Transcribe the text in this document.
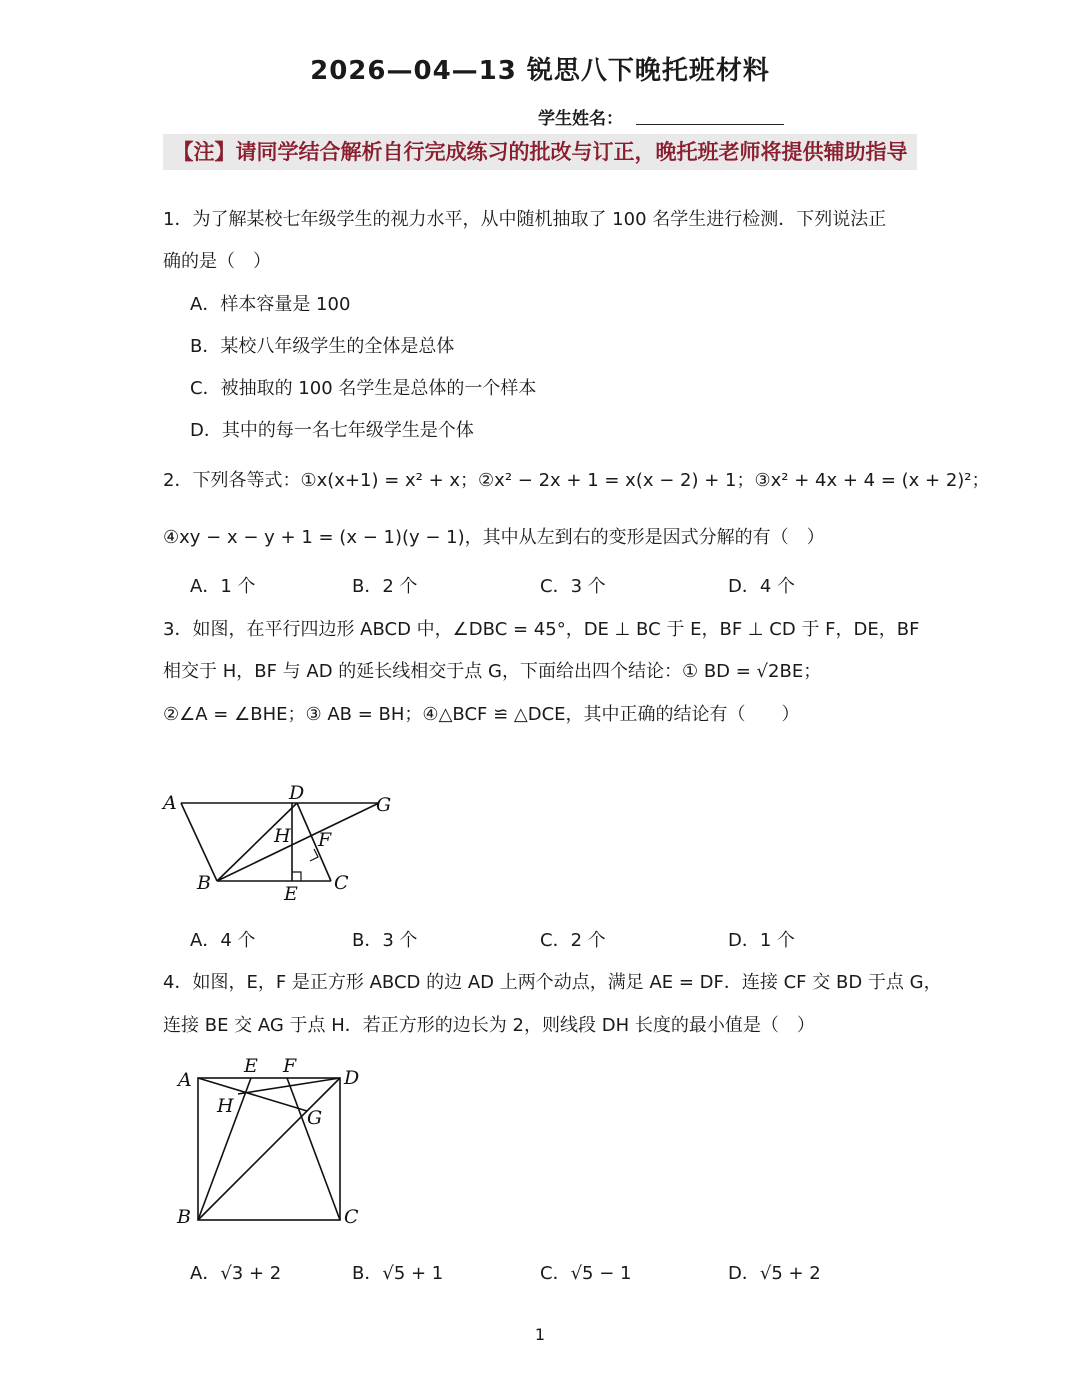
2026—04—13 锐思八下晚托班材料
学生姓名：
【注】请同学结合解析自行完成练习的批改与订正，晚托班老师将提供辅助指导
1．为了解某校七年级学生的视力水平，从中随机抽取了 100 名学生进行检测．下列说法正
确的是（　）
A．样本容量是 100
B．某校八年级学生的全体是总体
C．被抽取的 100 名学生是总体的一个样本
D．其中的每一名七年级学生是个体
2．下列各等式：①x(x+1) = x² + x；②x² − 2x + 1 = x(x − 2) + 1；③x² + 4x + 4 = (x + 2)²；
④xy − x − y + 1 = (x − 1)(y − 1)，其中从左到右的变形是因式分解的有（　）
A．1 个	B．2 个	C．3 个	D．4 个
3．如图，在平行四边形 ABCD 中，∠DBC = 45°，DE ⊥ BC 于 E，BF ⊥ CD 于 F，DE，BF
相交于 H，BF 与 AD 的延长线相交于点 G，下面给出四个结论：① BD = √2BE；
②∠A = ∠BHE；③ AB = BH；④△BCF ≌ △DCE，其中正确的结论有（　　）
A	D
G
H F
B	E C
A．4 个	B．3 个	C．2 个	D．1 个
4．如图，E，F 是正方形 ABCD 的边 AD 上两个动点，满足 AE = DF．连接 CF 交 BD 于点 G，
连接 BE 交 AG 于点 H．若正方形的边长为 2，则线段 DH 长度的最小值是（　）
A
E F
D
H
G
B	C
A．√3 + 2	B．√5 + 1	C．√5 − 1	D．√5 + 2
1
